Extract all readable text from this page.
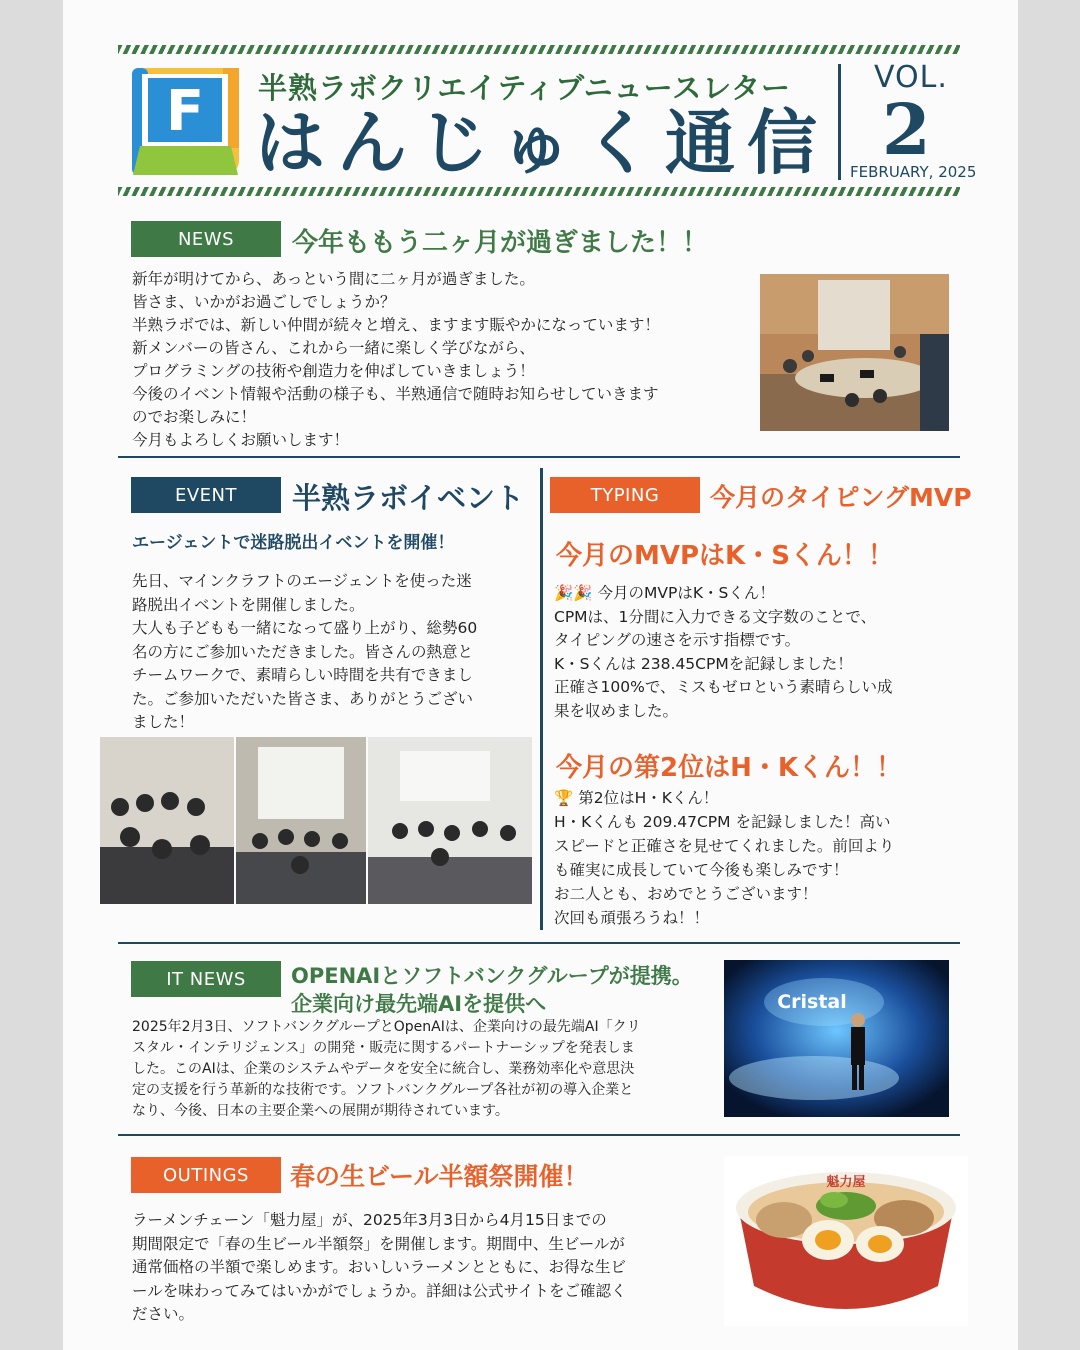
F 半熟ラボクリエイティブニュースレター
はんじゅく通信
VOL.
2
FEBRUARY, 2025
NEWS	今年ももう二ヶ月が過ぎました！！

新年が明けてから、あっという間に二ヶ月が過ぎました。

皆さま、いかがお過ごしでしょうか？

半熟ラボでは、新しい仲間が続々と増え、ますます賑やかになっています！

新メンバーの皆さん、これから一緒に楽しく学びながら、

プログラミングの技術や創造力を伸ばしていきましょう！

今後のイベント情報や活動の様子も、半熟通信で随時お知らせしていきます

のでお楽しみに！

今月もよろしくお願いします！

EVENT	半熟ラボイベント
エージェントで迷路脱出イベントを開催！

先日、マインクラフトのエージェントを使った迷

路脱出イベントを開催しました。

大人も子どもも一緒になって盛り上がり、総勢60

名の方にご参加いただきました。皆さんの熱意と

チームワークで、素晴らしい時間を共有できまし

た。ご参加いただいた皆さま、ありがとうござい

ました！

TYPING	今月のタイピングMVP
今月のMVPはK・Sくん！！

🎉🎉 今月のMVPはK・Sくん！

CPMは、1分間に入力できる文字数のことで、

タイピングの速さを示す指標です。

K・Sくんは 238.45CPMを記録しました！

正確さ100%で、ミスもゼロという素晴らしい成

果を収めました。

今月の第2位はH・Kくん！！

🏆 第2位はH・Kくん！

H・Kくんも 209.47CPM を記録しました！高い

スピードと正確さを見せてくれました。前回より

も確実に成長していて今後も楽しみです！

お二人とも、おめでとうございます！

次回も頑張ろうね！！

IT NEWS	OPENAIとソフトバンクグループが提携。
企業向け最先端AIを提供へ

2025年2月3日、ソフトバンクグループとOpenAIは、企業向けの最先端AI「クリ

スタル・インテリジェンス」の開発・販売に関するパートナーシップを発表しま

した。このAIは、企業のシステムやデータを安全に統合し、業務効率化や意思決

定の支援を行う革新的な技術です。ソフトバンクグループ各社が初の導入企業と

なり、今後、日本の主要企業への展開が期待されています。

Cristal
OUTINGS	春の生ビール半額祭開催！

ラーメンチェーン「魁力屋」が、2025年3月3日から4月15日までの

期間限定で「春の生ビール半額祭」を開催します。期間中、生ビールが

通常価格の半額で楽しめます。おいしいラーメンとともに、お得な生ビ

ールを味わってみてはいかがでしょうか。詳細は公式サイトをご確認く

ださい。

魁力屋
